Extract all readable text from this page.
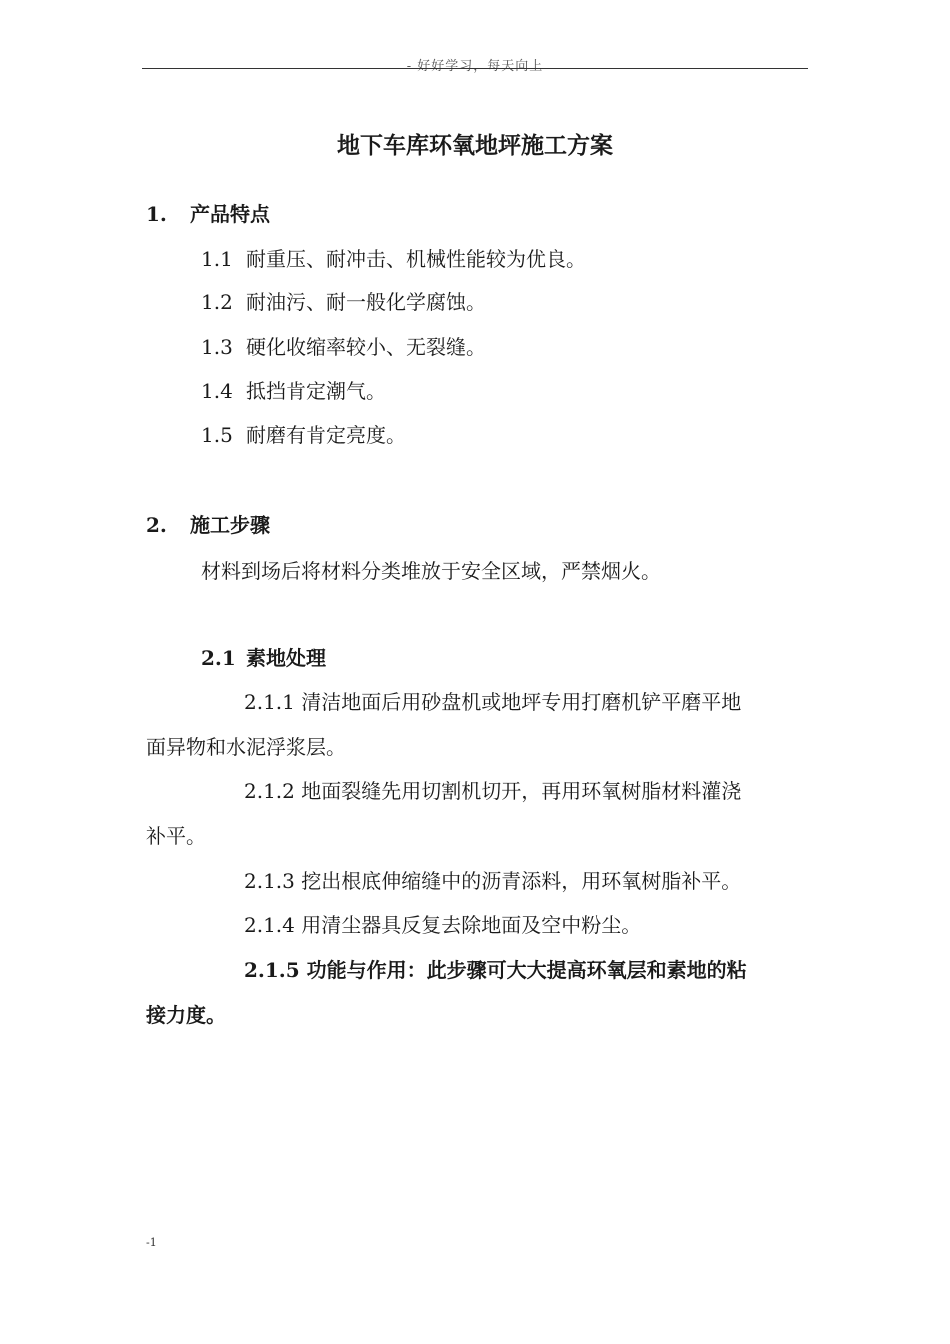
- 好好学习，每天向上
地下车库环氧地坪施工方案
1. 产品特点
1.1 耐重压、耐冲击、机械性能较为优良。
1.2 耐油污、耐一般化学腐蚀。
1.3 硬化收缩率较小、无裂缝。
1.4 抵挡肯定潮气。
1.5 耐磨有肯定亮度。
2. 施工步骤
材料到场后将材料分类堆放于安全区域，严禁烟火。
2.1 素地处理
2.1.1 清洁地面后用砂盘机或地坪专用打磨机铲平磨平地
面异物和水泥浮浆层。
2.1.2 地面裂缝先用切割机切开，再用环氧树脂材料灌浇
补平。
2.1.3 挖出根底伸缩缝中的沥青添料，用环氧树脂补平。
2.1.4 用清尘器具反复去除地面及空中粉尘。
2.1.5 功能与作用：此步骤可大大提高环氧层和素地的粘
接力度。
-1
